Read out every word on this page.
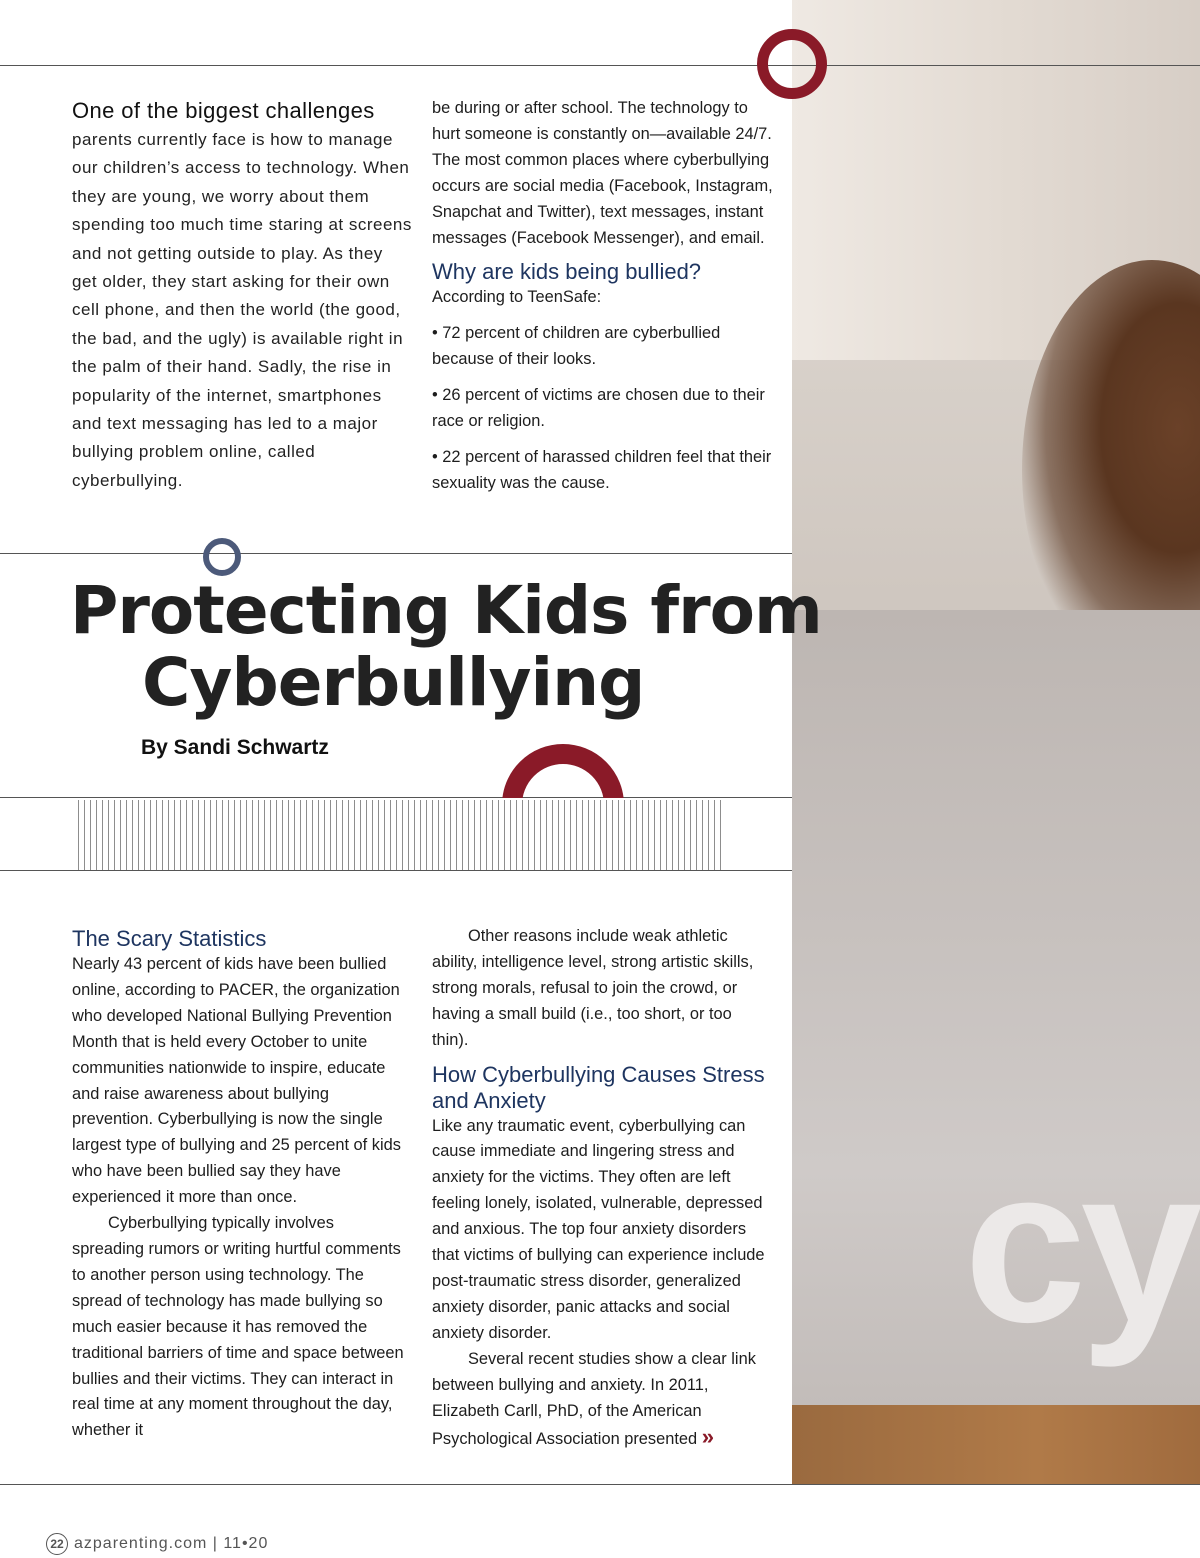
cy
One of the biggest challenges
parents currently face is how to manage our children’s access to technology. When they are young, we worry about them spending too much time staring at screens and not getting outside to play. As they get older, they start asking for their own cell phone, and then the world (the good, the bad, and the ugly) is available right in the palm of their hand. Sadly, the rise in popularity of the internet, smartphones and text messaging has led to a major bullying problem online, called cyberbullying.

be during or after school. The technology to hurt someone is constantly on—available 24/7. The most common places where cyberbullying occurs are social media (Facebook, Instagram, Snapchat and Twitter), text messages, instant messages (Facebook Messenger), and email.

Why are kids being bullied?

According to TeenSafe:

• 72 percent of children are cyberbullied because of their looks.

• 26 percent of victims are chosen due to their race or religion.

• 22 percent of harassed children feel that their sexuality was the cause.

Protecting Kids from
Cyberbullying
By Sandi Schwartz
The Scary Statistics

Nearly 43 percent of kids have been bullied online, according to PACER, the organization who developed National Bullying Prevention Month that is held every October to unite communities nationwide to inspire, educate and raise awareness about bullying prevention. Cyberbullying is now the single largest type of bullying and 25 percent of kids who have been bullied say they have experienced it more than once.

Cyberbullying typically involves spreading rumors or writing hurtful comments to another person using technology. The spread of technology has made bullying so much easier because it has removed the traditional barriers of time and space between bullies and their victims. They can interact in real time at any moment throughout the day, whether it

Other reasons include weak athletic ability, intelligence level, strong artistic skills, strong morals, refusal to join the crowd, or having a small build (i.e., too short, or too thin).

How Cyberbullying Causes Stress and Anxiety

Like any traumatic event, cyberbullying can cause immediate and lingering stress and anxiety for the victims. They often are left feeling lonely, isolated, vulnerable, depressed and anxious. The top four anxiety disorders that victims of bullying can experience include post-traumatic stress disorder, generalized anxiety disorder, panic attacks and social anxiety disorder.

Several recent studies show a clear link between bullying and anxiety. In 2011, Elizabeth Carll, PhD, of the American Psychological Association presented »

22 azparenting.com | 11•20
